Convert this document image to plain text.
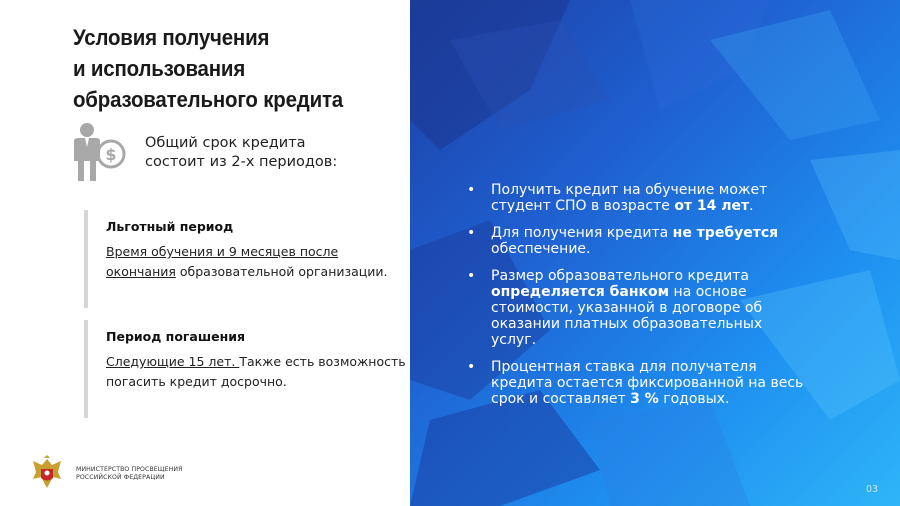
Условия получения
и использования
образовательного кредита
$
Общий срок кредита
состоит из 2-х периодов:
Льготный период
Время обучения и 9 месяцев после окончания образовательной организации.
Период погашения
Следующие 15 лет. Также есть возможность погасить кредит досрочно.
МИНИСТЕРСТВО ПРОСВЕЩЕНИЯ
РОССИЙСКОЙ ФЕДЕРАЦИИ
• Получить кредит на обучение может студент СПО в возрасте от 14 лет.
• Для получения кредита не требуется обеспечение.
• Размер образовательного кредита определяется банком на основе стоимости, указанной в договоре об оказании платных образовательных услуг.
• Процентная ставка для получателя кредита остается фиксированной на весь срок и составляет 3 % годовых.
03
